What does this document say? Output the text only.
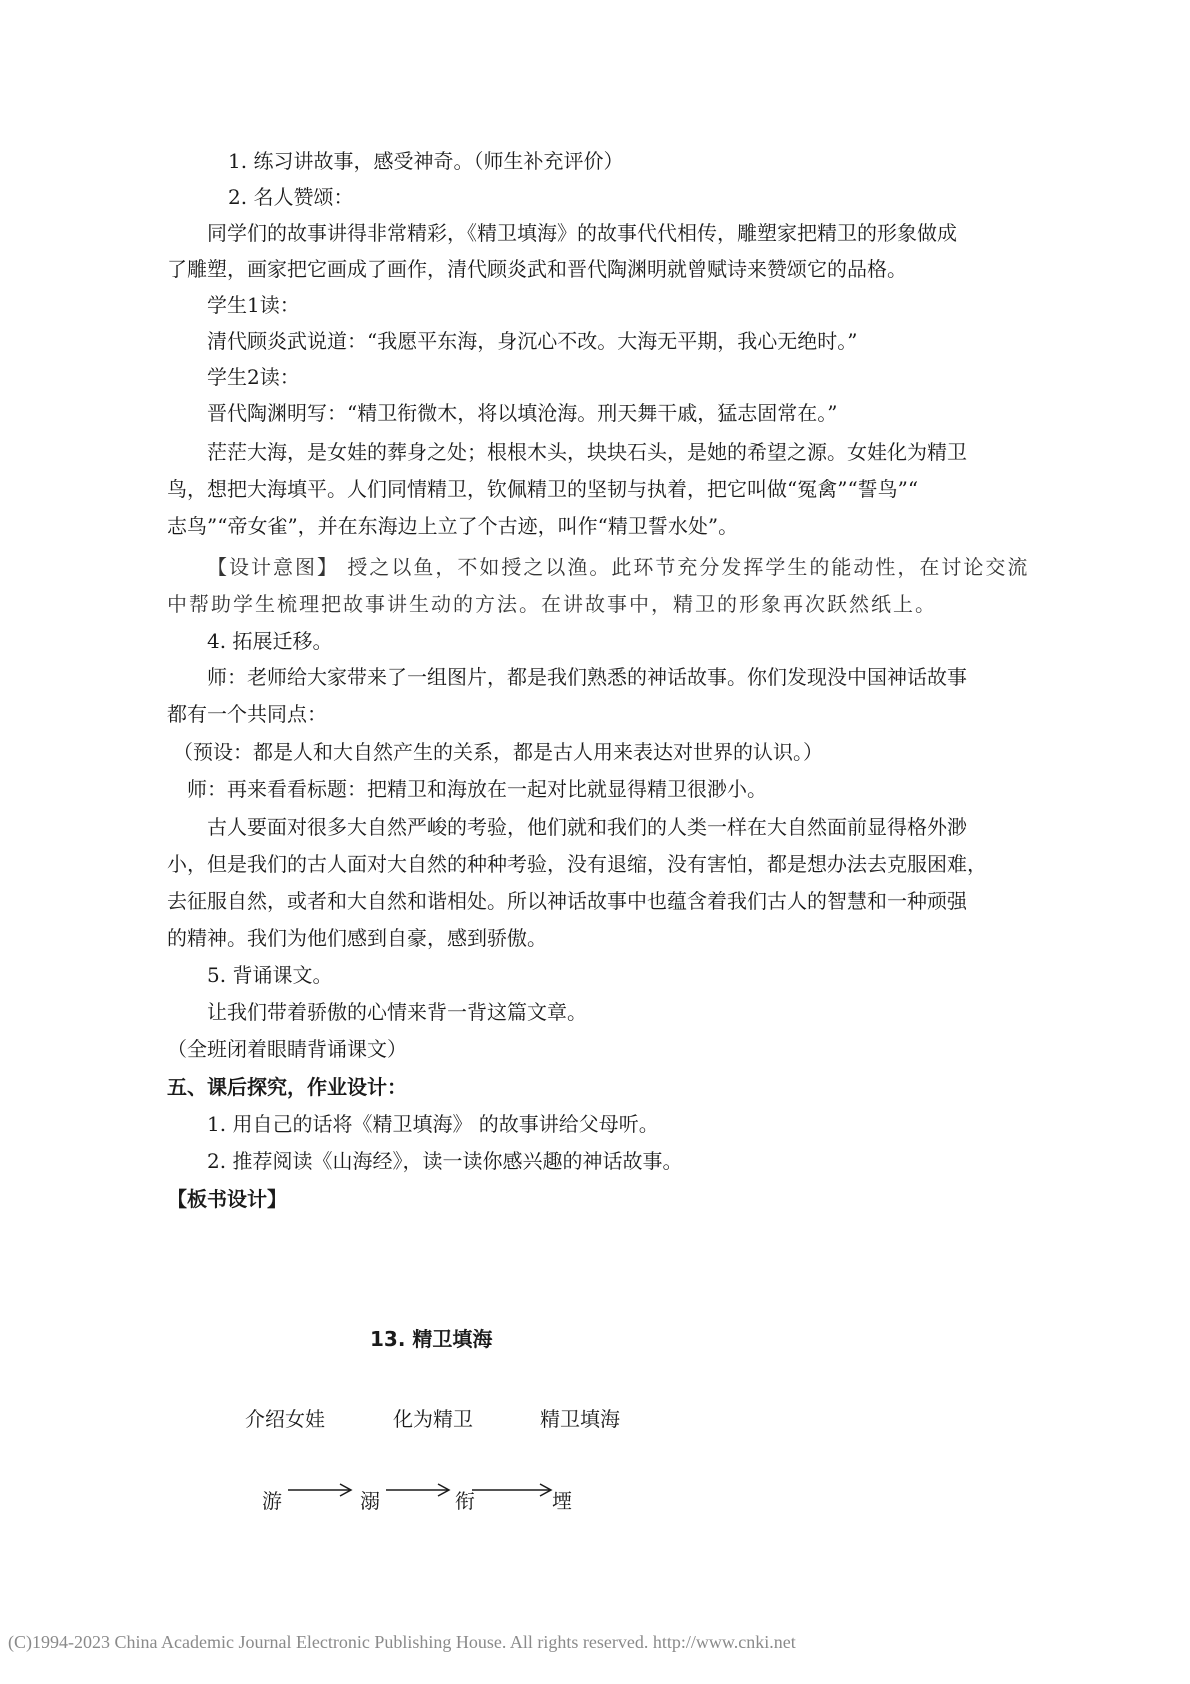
1. 练习讲故事，感受神奇。（师生补充评价）
2. 名人赞颂：
同学们的故事讲得非常精彩，《精卫填海》的故事代代相传，雕塑家把精卫的形象做成
了雕塑，画家把它画成了画作，清代顾炎武和晋代陶渊明就曾赋诗来赞颂它的品格。
学生1读：
清代顾炎武说道：“我愿平东海，身沉心不改。大海无平期，我心无绝时。”
学生2读：
晋代陶渊明写：“精卫衔微木，将以填沧海。刑天舞干戚，猛志固常在。”
茫茫大海，是女娃的葬身之处；根根木头，块块石头，是她的希望之源。女娃化为精卫
鸟，想把大海填平。人们同情精卫，钦佩精卫的坚韧与执着，把它叫做“冤禽”“誓鸟”“
志鸟”“帝女雀”，并在东海边上立了个古迹，叫作“精卫誓水处”。
【设计意图】 授之以鱼，不如授之以渔。此环节充分发挥学生的能动性，在讨论交流
中帮助学生梳理把故事讲生动的方法。在讲故事中，精卫的形象再次跃然纸上。
4. 拓展迁移。
师：老师给大家带来了一组图片，都是我们熟悉的神话故事。你们发现没中国神话故事
都有一个共同点：
（预设：都是人和大自然产生的关系，都是古人用来表达对世界的认识。）
师：再来看看标题：把精卫和海放在一起对比就显得精卫很渺小。
古人要面对很多大自然严峻的考验，他们就和我们的人类一样在大自然面前显得格外渺
小，但是我们的古人面对大自然的种种考验，没有退缩，没有害怕，都是想办法去克服困难，
去征服自然，或者和大自然和谐相处。所以神话故事中也蕴含着我们古人的智慧和一种顽强
的精神。我们为他们感到自豪，感到骄傲。
5. 背诵课文。
让我们带着骄傲的心情来背一背这篇文章。
（全班闭着眼睛背诵课文）
五、课后探究，作业设计：
1. 用自己的话将《精卫填海》 的故事讲给父母听。
2. 推荐阅读《山海经》，读一读你感兴趣的神话故事。
【板书设计】
13. 精卫填海
介绍女娃	化为精卫	精卫填海
游	溺	衔	堙
(C)1994-2023 China Academic Journal Electronic Publishing House. All rights reserved. http://www.cnki.net
